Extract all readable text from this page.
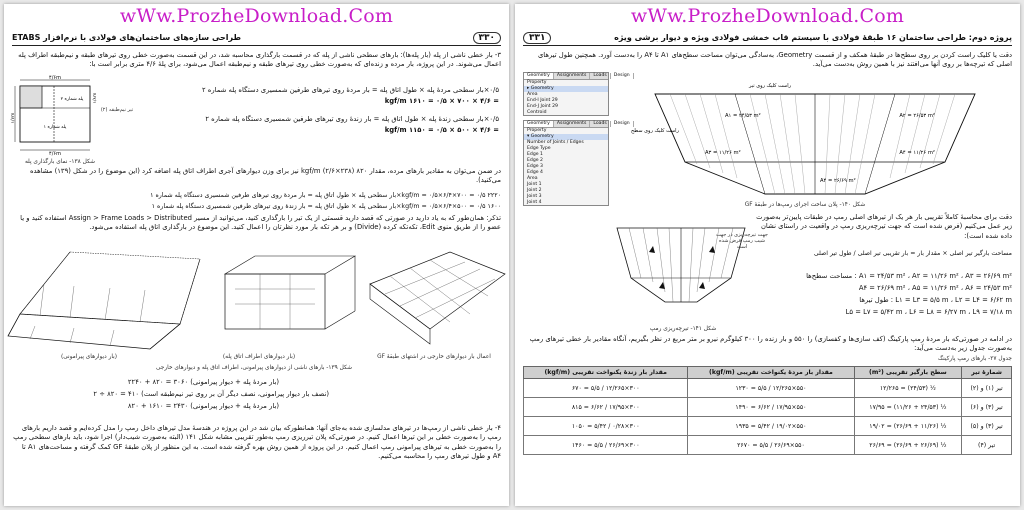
wWw.ProzheDownload.Com
۳۳۰
طراحی سازه‌های ساختمان‌های فولادی با نرم‌افزار ETABS
۳- بار خطی ناشی از پله (بار پله‌ها): بارهای سطحی ناشی از پله که در قسمت بارگذاری محاسبه شد، در این قسمت به‌صورت خطی روی تیرهای طبقه و نیم‌طبقه اطراف پله اعمال می‌شوند. در این پروژه، بار مرده و زنده‌ای که به‌صورت خطی روی تیرهای طبقه و نیم‌طبقه اعمال می‌شود، برای پلهٔ ۴/۶ متری برابر است با:
۴/۶m
۴/۶m
۱/۷m
۱/۸m
پله شماره ۲
پله شماره ۱
تیر نیم‌طبقه (۲)
شکل ۱۳۸- نمای بارگذاری پله
۰/۵×بار سطحی مردهٔ پله × طول اتاق پله = بار مردهٔ روی تیرهای طرفین شمسیری دستگاه پله شماره ۲
= ۴/۶ × ۷۰۰ × ۰/۵ = ۱۶۱۰ kgf/m
۰/۵×بار سطحی زندهٔ پله × طول اتاق پله = بار زندهٔ روی تیرهای طرفین شمسیری دستگاه پله شماره ۲
= ۴/۶ × ۵۰۰ × ۰/۵ = ۱۱۵۰ kgf/m
در ضمن می‌توان به مقادیر بارهای مرده، مقدار ۸۲۰ kgf/m (۲/۶×۲۳۸) نیز برای وزن دیوارهای آجری اطراف اتاق پله اضافه کرد (این موضوع را در شکل (۱۳۹) مشاهده می‌کنید).
۲۲۲۰ kgf/m = ۰/۵×۶/۴×۷۰۰ = ۰/۵×بار سطحی پله × طول اتاق پله = بار مردهٔ روی تیرهای طرفین شمسیری دستگاه پله شماره ۱
۱۶۰۰ kgf/m = ۰/۵×۶/۴×۵۰۰ = ۰/۵×بار سطحی پله × طول اتاق پله = بار زندهٔ روی تیرهای طرفین شمسیری دستگاه پله شماره ۱
تذکر: همان‌طور که به یاد دارید در صورتی که قصد دارید قسمتی از یک تیر را بارگذاری کنید، می‌توانید از مسیر Assign > Frame Loads > Distributed استفاده کنید و یا عضو را از طریق منوی Edit، تکه‌تکه کرده (Divide) و بر هر تکه بار مورد نظرتان را اعمال کنید. این موضوع در بارگذاری اتاق پله استفاده می‌شود.
(بار دیوارهای پیرامونی)	(بار دیوارهای اطراف اتاق پله)	اعمال بار دیوارهای خارجی در اشتهای طبقهٔ GF
شکل ۱۳۹- بارهای ناشی از دیوارهای پیرامونی، اطراف اتاق پله و دیوارهای خارجی
(بار مردهٔ پله + دیوار پیرامونی) ۳۰۶۰ = ۸۲۰ + ۲۲۴۰
(نصف بار دیوار پیرامونی، نصف دیگر آن بر روی تیر نیم‌طبقه است) ۴۱۰ = ۸۲۰ ÷ ۲
(بار مردهٔ پله + دیوار پیرامونی) ۲۴۳۰ = ۱۶۱۰ + ۸۲۰
۴- بار خطی ناشی از رمپ‌ها در تیرهای مدلسازی شده به‌جای آنها: همانطورکه بیان شد در این پروژه در هندسهٔ مدل تیرهای داخل رمپ را مدل کرده‌ایم و قصد داریم بارهای رمپ را به‌صورت خطی بر این تیرها اعمال کنیم. در صورتی‌که پلان تیرریزی رمپ به‌طور تقریبی مشابه شکل ۱۴۱ (البته به‌صورت شیب‌دار) اجرا شود، باید بارهای سطحی رمپ را به‌صورت خطی به تیرهای پیرامونی رمپ اعمال کنیم. در این پروژه از همین روش بهره گرفته شده است. به این منظور از پلان طبقهٔ GF کمک گرفته و مساحت‌های A۱ تا A۴ و طول تیرهای رمپ را محاسبه می‌کنیم.
wWw.ProzheDownload.Com
پروژه دوم: طراحی ساختمان ۱۶ طبقهٔ فولادی با سیستم قاب خمشی فولادی ویژه و دیوار برشی ویژه
۳۳۱
دقت یا کلیک راست کردن بر روی سطح‌ها در طبقهٔ همکف و از قسمت Geometry، به‌سادگی می‌توان مساحت سطح‌های A۱ تا A۴ را به‌دست آورد. همچنین طول تیرهای اصلی که تیرچه‌ها بر روی آنها می‌افتند نیز با همین روش به‌دست می‌آید.
Geometry	Assignments	Loads	Design
Property
▸ Geometry
Area
End-I Joint 29
End-J Joint 29
Centroid
Geometry	Assignments	Loads	Design
Property
▾ Geometry
Number of Joints / Edges
Edge Type
Edge 1
Edge 2
Edge 3
Edge 4
Area
Joint 1
Joint 2
Joint 3
Joint 4
راست کلیک روی تیر
راست کلیک روی سطح
A۱ = ۲۴/۵۳ m²	A۲ = ۲۶/۵۳ m²
A۳ = ۱۱/۲۶ m²	A۴ = ۱۱/۲۶ m²
A۴ = ۲۶/۶۹ m²
شکل ۱۴۰- پلان ساخت اجرای رمپ‌ها در طبقهٔ GF
دقت برای محاسبهٔ کاملاً تقریبی بار هر یک از تیرهای اصلی رمپ در طبقات پایین‌تر به‌صورت زیر عمل می‌کنیم (فرض شده است که جهت تیرچه‌ریزی رمپ در واقعیت در راستای نشان داده شده است):
جهت تیرچه‌ریزی در جهت شیب رمپ فرض شده است
شکل ۱۴۱- تیرچه‌ریزی رمپ
مساحت بارگیر تیر اصلی × مقدار بار = بار تقریبی تیر اصلی / طول تیر اصلی
A۱ = ۲۴/۵۳ m² ، A۲ = ۱۱/۲۶ m² ، A۳ = ۲۶/۶۹ m² : مساحت سطح‌ها
A۴ = ۲۶/۶۹ m² ، A۵ = ۱۱/۲۶ m² ، A۶ = ۲۴/۵۳ m²
L۱ = L۳ = ۵/۵ m ، L۲ = L۴ = ۶/۶۲ m : طول تیرها
L۵ = L۷ = ۵/۴۲ m ، L۶ = L۸ = ۶/۲۷ m ، L۹ = ۷/۱۸ m
در ادامه در صورتی‌که بار مردهٔ رمپ پارکینگ (کف سازی‌ها و کفسازی) را ۵۵۰ و بار زنده را ۳۰۰ کیلوگرم نیرو بر متر مربع در نظر بگیریم، آنگاه مقادیر بار خطی تیرهای رمپ به‌صورت جدول زیر به‌دست می‌آید:
جدول ۲۷- بارهای رمپ پارکینگ
شمارهٔ تیر	سطح بارگیر تقریبی (m²)	مقدار بار مردهٔ یکنواخت تقریبی (kgf/m)	مقدار بار زندهٔ یکنواخت تقریبی (kgf/m)
تیر (۱) و (۲)	½ (۲۴/۵۳) = ۱۲/۲۶۵	۵۵۰×۱۲/۲۶۵ / ۵/۵ = ۱۲۳۰	۳۰۰×۱۲/۲۶۵ / ۵/۵ = ۶۷۰
تیر (۳) و (۶)	½ (۲۴/۵۳ + ۱۱/۲۶) = ۱۷/۹۵	۵۵۰×۱۷/۹۵ / ۶/۶۲ = ۱۴۹۰	۳۰۰×۱۷/۹۵ / ۶/۶۲ = ۸۱۵
تیر (۳) و (۵)	½ (۱۱/۲۶ + ۲۶/۶۹) = ۱۹/۰۲	۵۵۰×۱۹/۰۲ / ۵/۴۲ = ۱۹۳۵	۳۰۰×۰/۲۸ / ۵/۴۲ = ۱۰۵۰
تیر (۴)	½ (۲۶/۶۹ + ۲۶/۶۹) = ۲۶/۶۹	۵۵۰×۲۶/۶۹ / ۵/۵ = ۲۶۷۰	۳۰۰×۲۶/۶۹ / ۵/۵ = ۱۴۶۰
